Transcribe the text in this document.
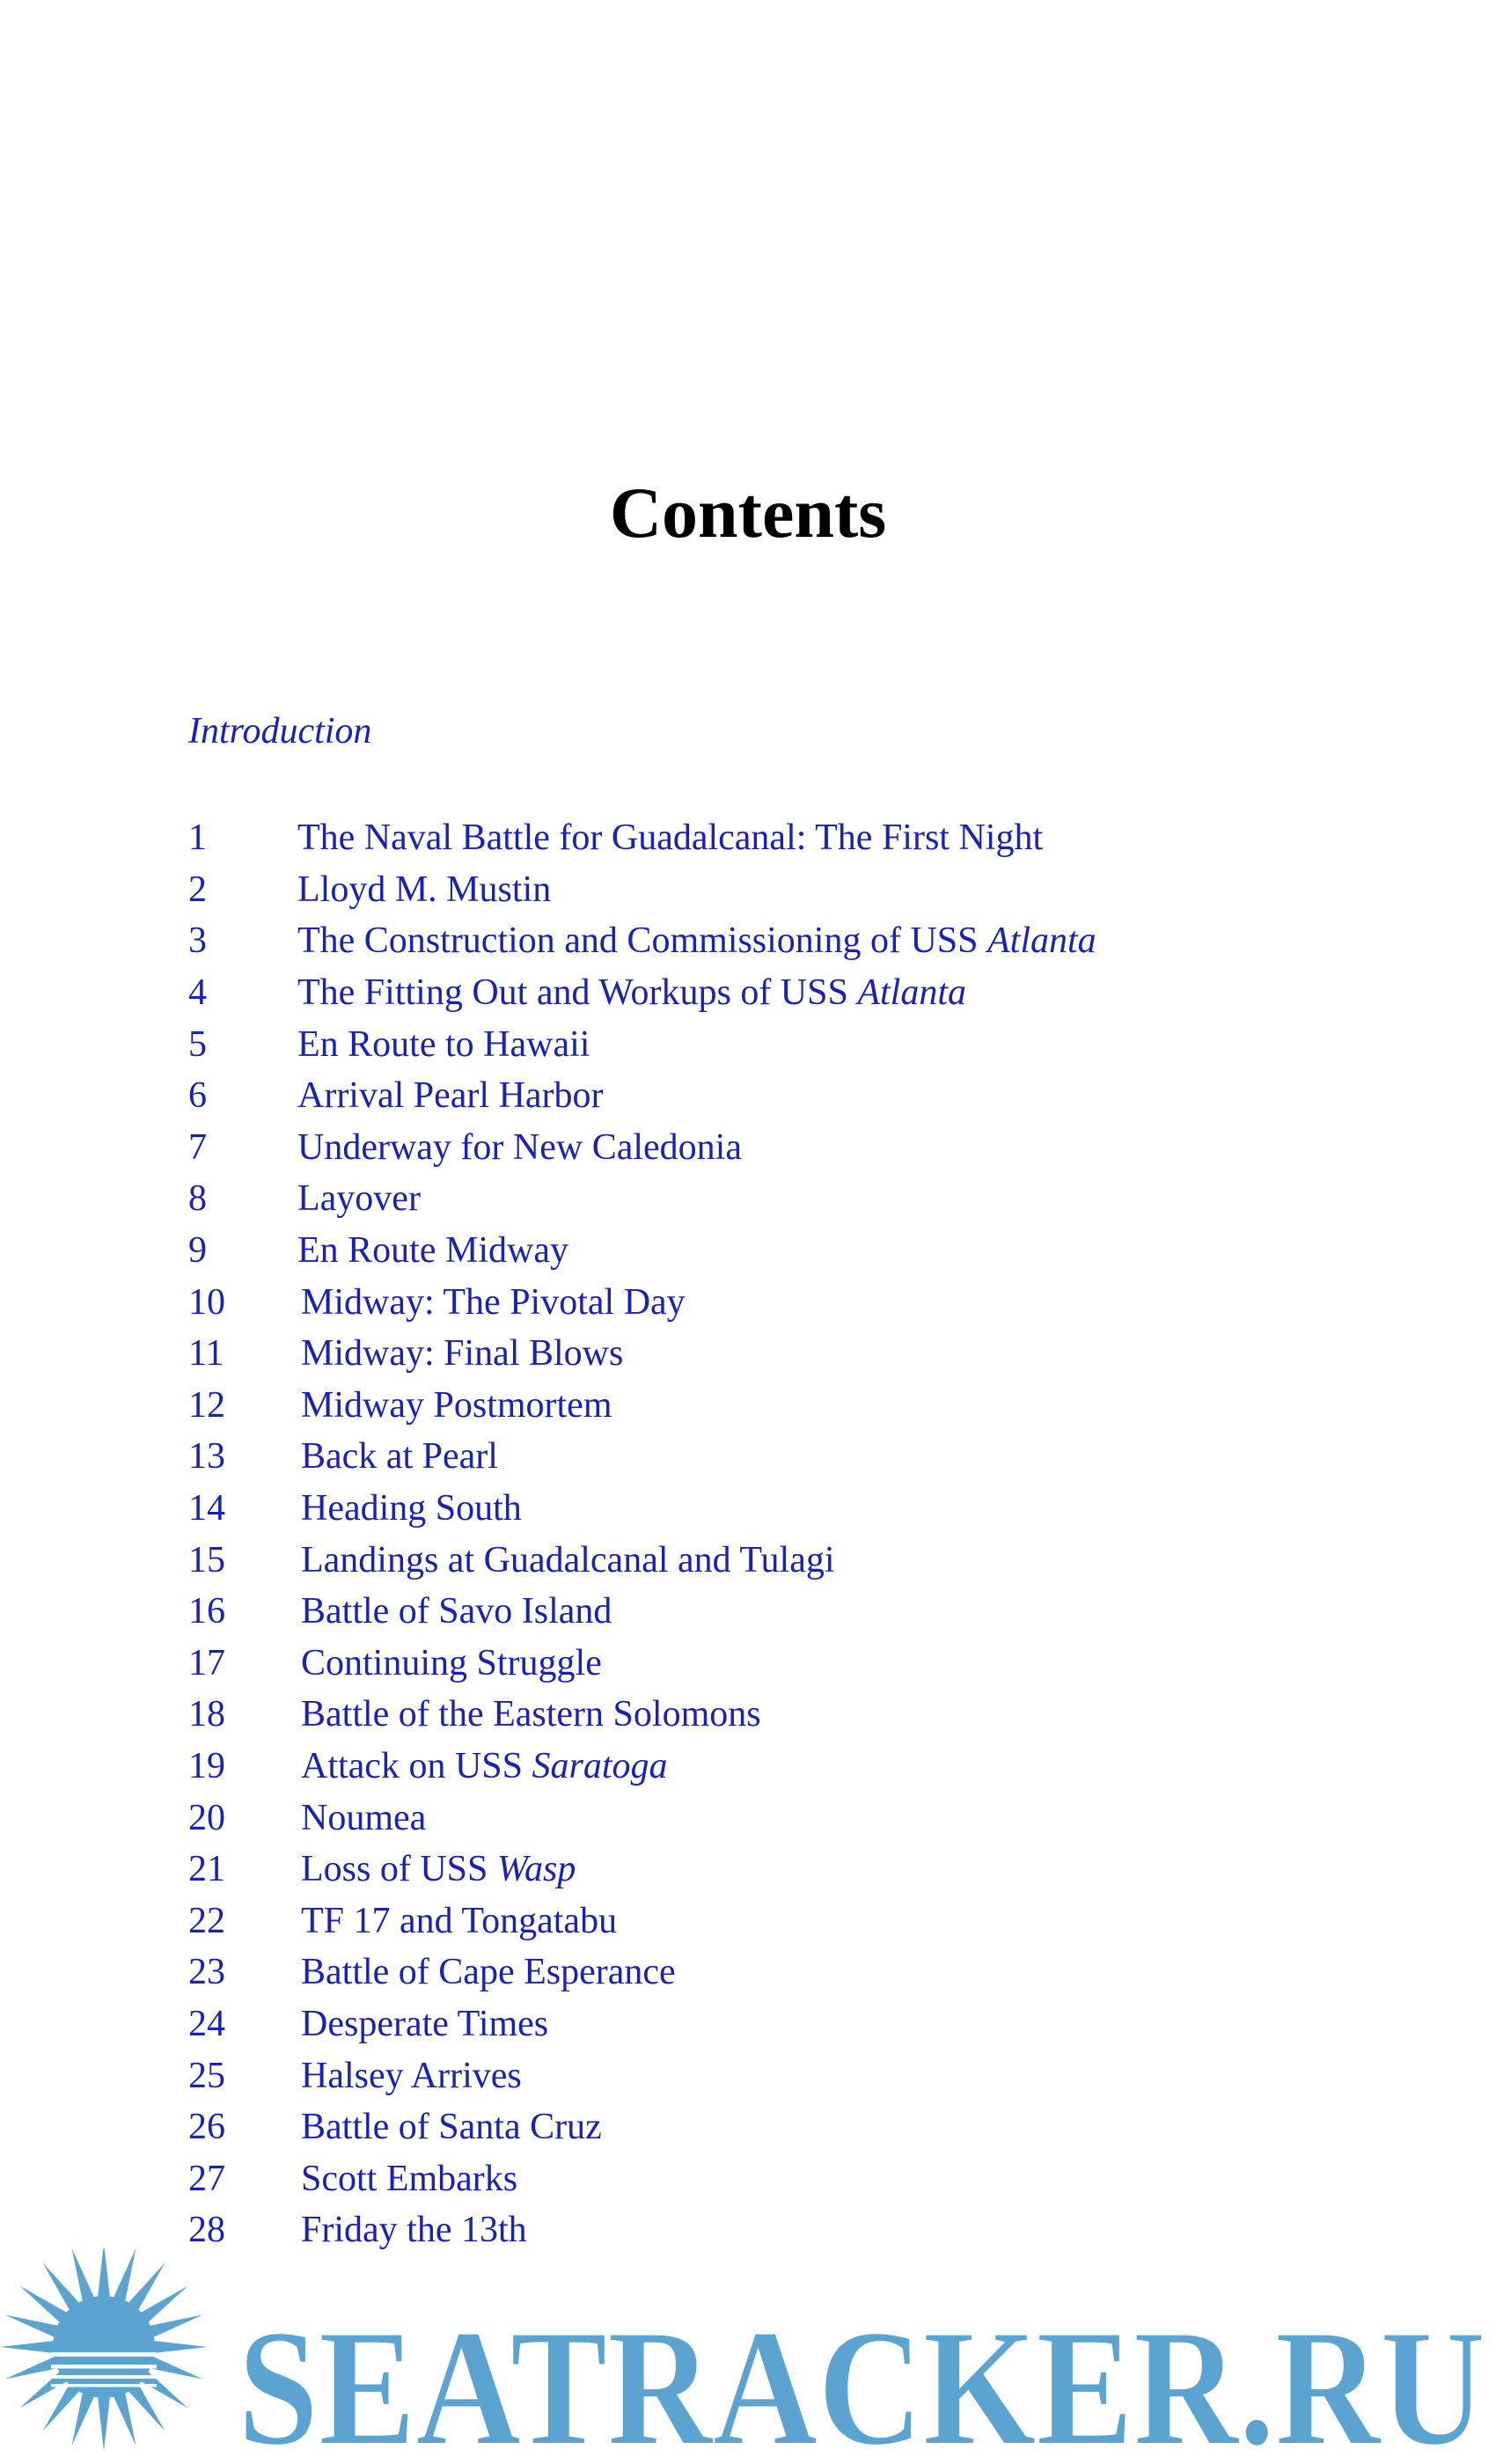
Contents
Introduction
1	The Naval Battle for Guadalcanal: The First Night
2	Lloyd M. Mustin
3	The Construction and Commissioning of USS Atlanta
4	The Fitting Out and Workups of USS Atlanta
5	En Route to Hawaii
6	Arrival Pearl Harbor
7	Underway for New Caledonia
8	Layover
9	En Route Midway
10	Midway: The Pivotal Day
11	Midway: Final Blows
12	Midway Postmortem
13	Back at Pearl
14	Heading South
15	Landings at Guadalcanal and Tulagi
16	Battle of Savo Island
17	Continuing Struggle
18	Battle of the Eastern Solomons
19	Attack on USS Saratoga
20	Noumea
21	Loss of USS Wasp
22	TF 17 and Tongatabu
23	Battle of Cape Esperance
24	Desperate Times
25	Halsey Arrives
26	Battle of Santa Cruz
27	Scott Embarks
28	Friday the 13th
SEATRACKER.RU
